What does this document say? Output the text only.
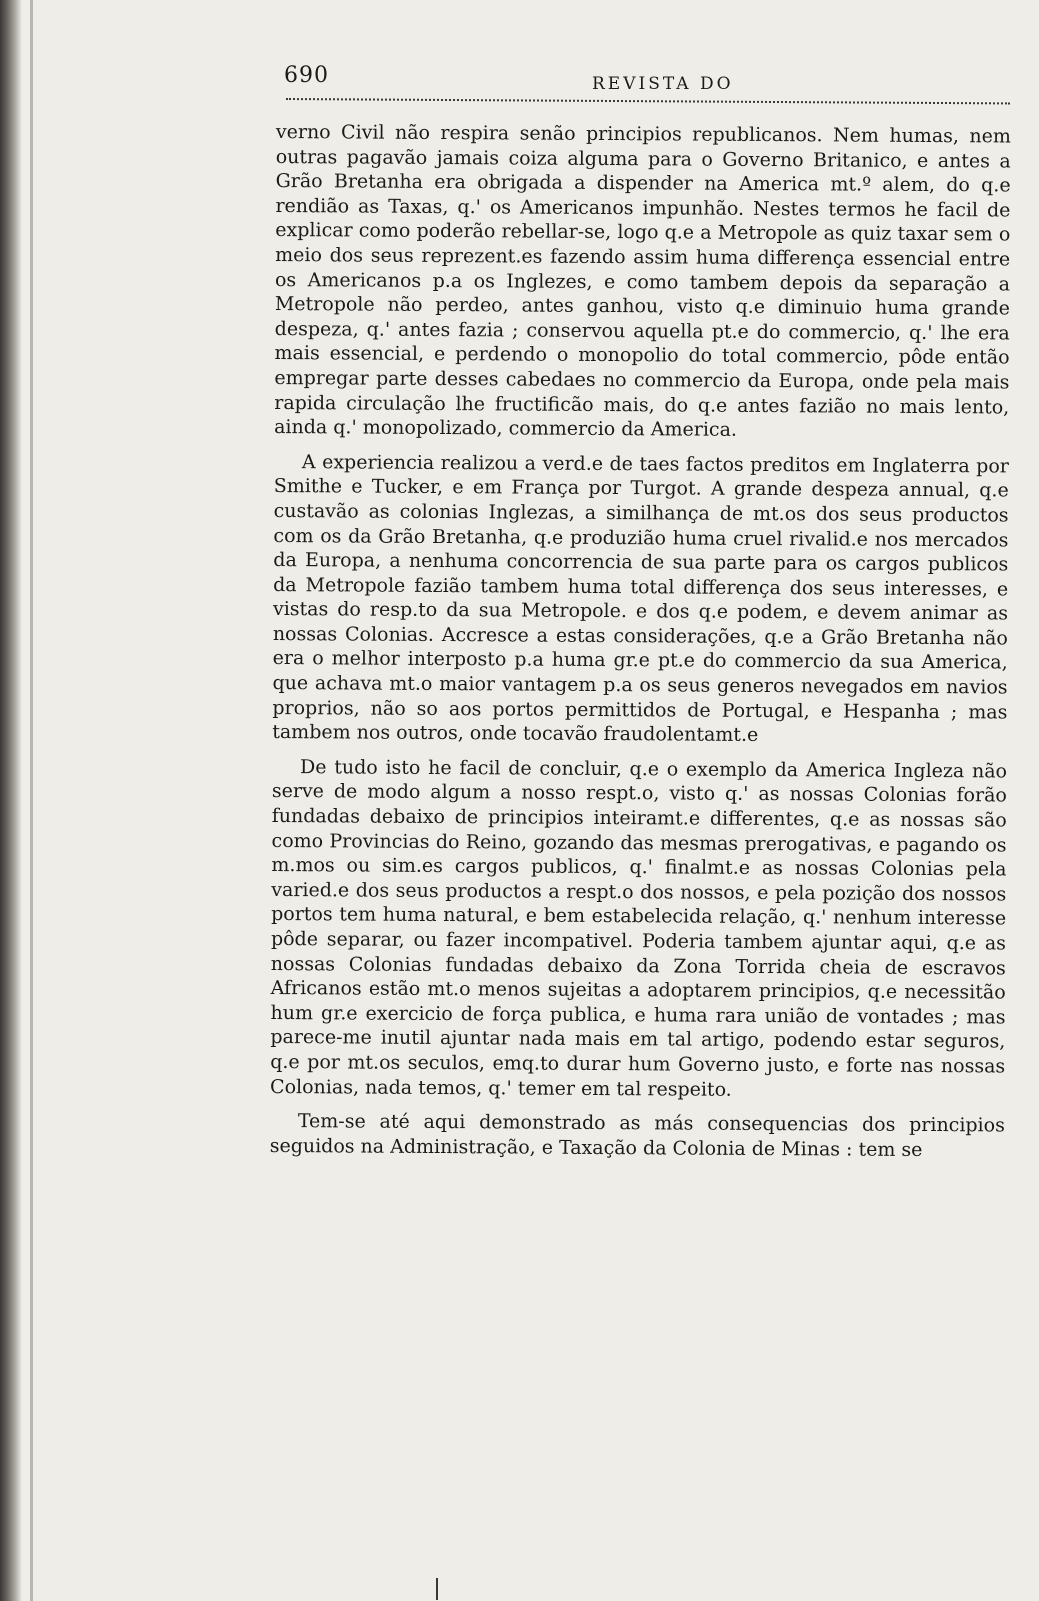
690	REVISTA DO

verno Civil não respira senão principios republicanos. Nem humas, nem outras pagavão jamais coiza alguma para o Governo Britanico, e antes a Grão Bretanha era obrigada a dispender na America mt.º alem, do q.e rendião as Taxas, q.' os Americanos impunhão. Nestes termos he facil de explicar como poderão rebellar-se, logo q.e a Metropole as quiz taxar sem o meio dos seus reprezent.es fazendo assim huma differença essencial entre os Americanos p.a os Inglezes, e como tambem depois da separação a Metropole não perdeo, antes ganhou, visto q.e diminuio huma grande despeza, q.' antes fazia ; conservou aquella pt.e do commercio, q.' lhe era mais essencial, e perdendo o monopolio do total commercio, pôde então empregar parte desses cabedaes no commercio da Europa, onde pela mais rapida circulação lhe fructificão mais, do q.e antes fazião no mais lento, ainda q.' monopolizado, commercio da America.

A experiencia realizou a verd.e de taes factos preditos em Inglaterra por Smithe e Tucker, e em França por Turgot. A grande despeza annual, q.e custavão as colonias Inglezas, a similhança de mt.os dos seus productos com os da Grão Bretanha, q.e produzião huma cruel rivalid.e nos mercados da Europa, a nenhuma concorrencia de sua parte para os cargos publicos da Metropole fazião tambem huma total differença dos seus interesses, e vistas do resp.to da sua Metropole. e dos q.e podem, e devem animar as nossas Colonias. Accresce a estas considerações, q.e a Grão Bretanha não era o melhor interposto p.a huma gr.e pt.e do commercio da sua America, que achava mt.o maior vantagem p.a os seus generos nevegados em navios proprios, não so aos portos permittidos de Portugal, e Hespanha ; mas tambem nos outros, onde tocavão fraudolentamt.e

De tudo isto he facil de concluir, q.e o exemplo da America Ingleza não serve de modo algum a nosso respt.o, visto q.' as nossas Colonias forão fundadas debaixo de principios inteiramt.e differentes, q.e as nossas são como Provincias do Reino, gozando das mesmas prerogativas, e pagando os m.mos ou sim.es cargos publicos, q.' finalmt.e as nossas Colonias pela varied.e dos seus productos a respt.o dos nossos, e pela pozição dos nossos portos tem huma natural, e bem estabelecida relação, q.' nenhum interesse pôde separar, ou fazer incompativel. Poderia tambem ajuntar aqui, q.e as nossas Colonias fundadas debaixo da Zona Torrida cheia de escravos Africanos estão mt.o menos sujeitas a adoptarem principios, q.e necessitão hum gr.e exercicio de força publica, e huma rara união de vontades ; mas parece-me inutil ajuntar nada mais em tal artigo, podendo estar seguros, q.e por mt.os seculos, emq.to durar hum Governo justo, e forte nas nossas Colonias, nada temos, q.' temer em tal respeito.

Tem-se até aqui demonstrado as más consequencias dos principios seguidos na Administração, e Taxação da Colonia de Minas : tem se
